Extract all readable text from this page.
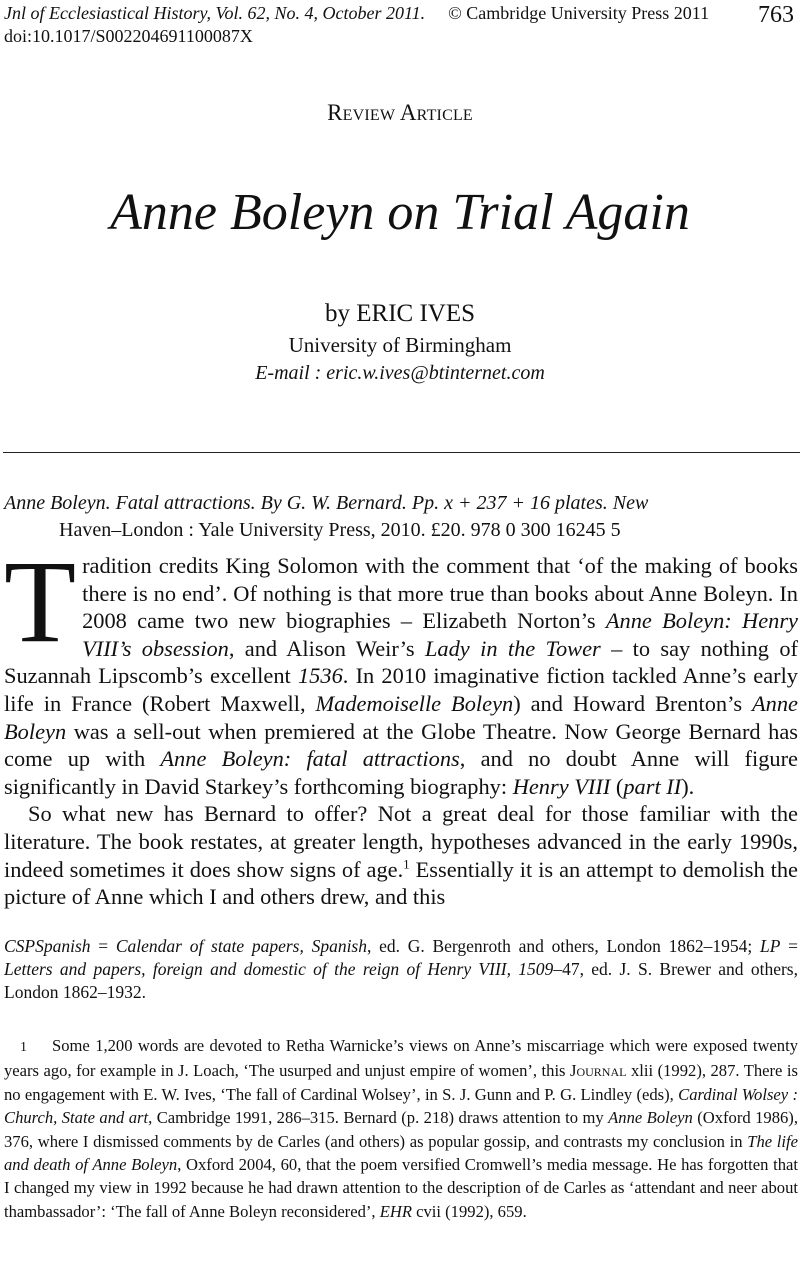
Jnl of Ecclesiastical History, Vol. 62, No. 4, October 2011. © Cambridge University Press 2011
doi:10.1017/S002204691100087X
763
Review Article
Anne Boleyn on Trial Again
by ERIC IVES
University of Birmingham
E-mail : eric.w.ives@btinternet.com
Anne Boleyn. Fatal attractions. By G. W. Bernard. Pp. x + 237 + 16 plates. New
Haven–London : Yale University Press, 2010. £20. 978 0 300 16245 5

T radition credits King Solomon with the comment that ‘of the making of books there is no end’. Of nothing is that more true than books about Anne Boleyn. In 2008 came two new biographies – Elizabeth Norton’s Anne Boleyn: Henry VIII’s obsession, and Alison Weir’s Lady in the Tower – to say nothing of Suzannah Lipscomb’s excellent 1536. In 2010 imaginative fiction tackled Anne’s early life in France (Robert Maxwell, Mademoiselle Boleyn) and Howard Brenton’s Anne Boleyn was a sell-out when premiered at the Globe Theatre. Now George Bernard has come up with Anne Boleyn: fatal attractions, and no doubt Anne will figure significantly in David Starkey’s forthcoming biography: Henry VIII (part II).

So what new has Bernard to offer? Not a great deal for those familiar with the literature. The book restates, at greater length, hypotheses advanced in the early 1990s, indeed sometimes it does show signs of age.$^1$ Essentially it is an attempt to demolish the picture of Anne which I and others drew, and this

CSPSpanish = Calendar of state papers, Spanish, ed. G. Bergenroth and others, London 1862–1954; LP = Letters and papers, foreign and domestic of the reign of Henry VIII, 1509–47, ed. J. S. Brewer and others, London 1862–1932.
1 Some 1,200 words are devoted to Retha Warnicke’s views on Anne’s miscarriage which were exposed twenty years ago, for example in J. Loach, ‘The usurped and unjust empire of women’, this Journal xlii (1992), 287. There is no engagement with E. W. Ives, ‘The fall of Cardinal Wolsey’, in S. J. Gunn and P. G. Lindley (eds), Cardinal Wolsey : Church, State and art, Cambridge 1991, 286–315. Bernard (p. 218) draws attention to my Anne Boleyn (Oxford 1986), 376, where I dismissed comments by de Carles (and others) as popular gossip, and contrasts my conclusion in The life and death of Anne Boleyn, Oxford 2004, 60, that the poem versified Cromwell’s media message. He has forgotten that I changed my view in 1992 because he had drawn attention to the description of de Carles as ‘attendant and neer about thambassador’: ‘The fall of Anne Boleyn reconsidered’, EHR cvii (1992), 659.
